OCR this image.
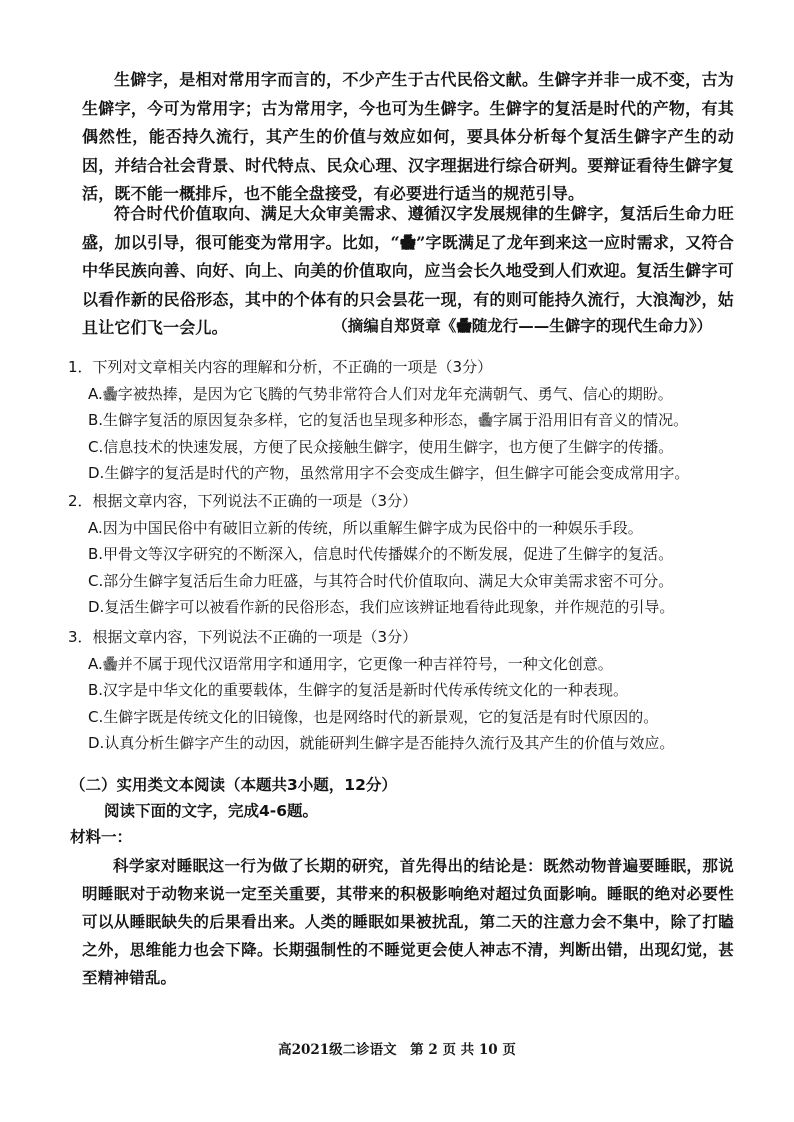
生僻字，是相对常用字而言的，不少产生于古代民俗文献。生僻字并非一成不变，古为生僻字，今可为常用字；古为常用字，今也可为生僻字。生僻字的复活是时代的产物，有其偶然性，能否持久流行，其产生的价值与效应如何，要具体分析每个复活生僻字产生的动因，并结合社会背景、时代特点、民众心理、汉字理据进行综合研判。要辩证看待生僻字复活，既不能一概排斥，也不能全盘接受，有必要进行适当的规范引导。

符合时代价值取向、满足大众审美需求、遵循汉字发展规律的生僻字，复活后生命力旺盛，加以引导，很可能变为常用字。比如，“𱁬”字既满足了龙年到来这一应时需求，又符合中华民族向善、向好、向上、向美的价值取向，应当会长久地受到人们欢迎。复活生僻字可以看作新的民俗形态，其中的个体有的只会昙花一现，有的则可能持久流行，大浪淘沙，姑且让它们飞一会儿。	（摘编自郑贤章《𱁬随龙行——生僻字的现代生命力》）

1．下列对文章相关内容的理解和分析，不正确的一项是（3分）

A.𱁬字被热捧，是因为它飞腾的气势非常符合人们对龙年充满朝气、勇气、信心的期盼。

B.生僻字复活的原因复杂多样，它的复活也呈现多种形态，𱁬字属于沿用旧有音义的情况。

C.信息技术的快速发展，方便了民众接触生僻字，使用生僻字，也方便了生僻字的传播。

D.生僻字的复活是时代的产物，虽然常用字不会变成生僻字，但生僻字可能会变成常用字。

2．根据文章内容，下列说法不正确的一项是（3分）

A.因为中国民俗中有破旧立新的传统，所以重解生僻字成为民俗中的一种娱乐手段。

B.甲骨文等汉字研究的不断深入，信息时代传播媒介的不断发展，促进了生僻字的复活。

C.部分生僻字复活后生命力旺盛，与其符合时代价值取向、满足大众审美需求密不可分。

D.复活生僻字可以被看作新的民俗形态，我们应该辨证地看待此现象，并作规范的引导。

3．根据文章内容，下列说法不正确的一项是（3分）

A.𱁬并不属于现代汉语常用字和通用字，它更像一种吉祥符号，一种文化创意。

B.汉字是中华文化的重要载体，生僻字的复活是新时代传承传统文化的一种表现。

C.生僻字既是传统文化的旧镜像，也是网络时代的新景观，它的复活是有时代原因的。

D.认真分析生僻字产生的动因，就能研判生僻字是否能持久流行及其产生的价值与效应。

（二）实用类文本阅读（本题共3小题，12分）

阅读下面的文字，完成4-6题。

材料一：

科学家对睡眠这一行为做了长期的研究，首先得出的结论是：既然动物普遍要睡眠，那说明睡眠对于动物来说一定至关重要，其带来的积极影响绝对超过负面影响。睡眠的绝对必要性可以从睡眠缺失的后果看出来。人类的睡眠如果被扰乱，第二天的注意力会不集中，除了打瞌之外，思维能力也会下降。长期强制性的不睡觉更会使人神志不清，判断出错，出现幻觉，甚至精神错乱。

高2021级二诊语文　第 2 页 共 10 页
